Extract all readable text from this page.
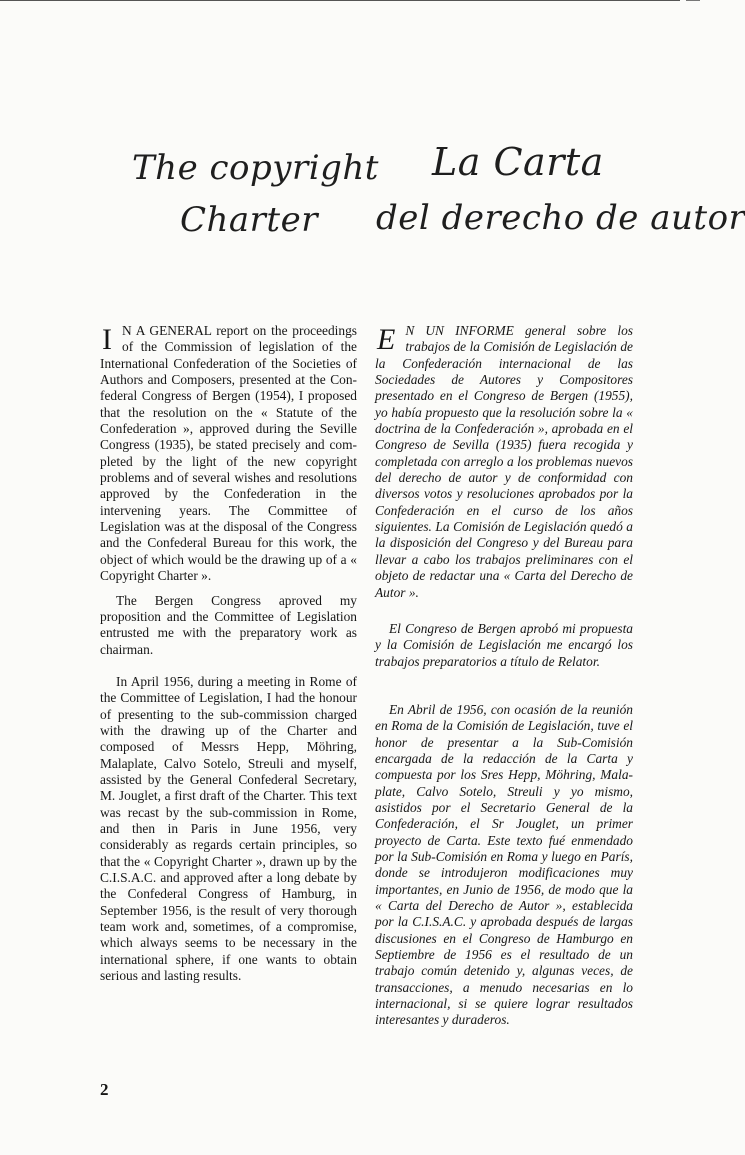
The copyright
Charter
La Carta
del derecho de autor

IN A GENERAL report on the proceedings of the Commission of legislation of the International Confederation of the Societies of Authors and Composers, presented at the Confederal Congress of Bergen (1954), I proposed that the resolution on the « Statute of the Confederation », approved during the Seville Congress (1935), be stated precisely and completed by the light of the new copyright problems and of several wishes and resolutions approved by the Confederation in the intervening years. The Committee of Legislation was at the disposal of the Congress and the Confederal Bureau for this work, the object of which would be the drawing up of a « Copyright Charter ».

The Bergen Congress aproved my proposition and the Committee of Legislation entrusted me with the preparatory work as chairman.

In April 1956, during a meeting in Rome of the Committee of Legislation, I had the honour of presenting to the sub-commission charged with the drawing up of the Charter and composed of Messrs Hepp, Möhring, Malaplate, Calvo Sotelo, Streuli and myself, assisted by the General Confederal Secretary, M. Jouglet, a first draft of the Charter. This text was recast by the sub-commission in Rome, and then in Paris in June 1956, very considerably as regards certain principles, so that the « Copyright Charter », drawn up by the C.I.S.A.C. and approved after a long debate by the Confederal Congress of Hamburg, in September 1956, is the result of very thorough team work and, sometimes, of a compromise, which always seems to be necessary in the international sphere, if one wants to obtain serious and lasting results.

EN UN INFORME general sobre los trabajos de la Comisión de Legislación de la Confederación internacional de las Sociedades de Autores y Compositores presentado en el Congreso de Bergen (1955), yo había propuesto que la resolución sobre la « doctrina de la Confederación », aprobada en el Congreso de Sevilla (1935) fuera recogida y completada con arreglo a los problemas nuevos del derecho de autor y de conformidad con diversos votos y resoluciones aprobados por la Confederación en el curso de los años siguientes. La Comisión de Legislación quedó a la disposición del Congreso y del Bureau para llevar a cabo los trabajos preliminares con el objeto de redactar una « Carta del Derecho de Autor ».

El Congreso de Bergen aprobó mi propuesta y la Comisión de Legislación me encargó los trabajos preparatorios a título de Relator.

En Abril de 1956, con ocasión de la reunión en Roma de la Comisión de Legislación, tuve el honor de presentar a la Sub-Comisión encargada de la redacción de la Carta y compuesta por los Sres Hepp, Möhring, Malaplate, Calvo Sotelo, Streuli y yo mismo, asistidos por el Secretario General de la Confederación, el Sr Jouglet, un primer proyecto de Carta. Este texto fué enmendado por la Sub-Comisión en Roma y luego en París, donde se introdujeron modificaciones muy importantes, en Junio de 1956, de modo que la « Carta del Derecho de Autor », establecida por la C.I.S.A.C. y aprobada después de largas discusiones en el Congreso de Hamburgo en Septiembre de 1956 es el resultado de un trabajo común detenido y, algunas veces, de transacciones, a menudo necesarias en lo internacional, si se quiere lograr resultados interesantes y duraderos.

2
